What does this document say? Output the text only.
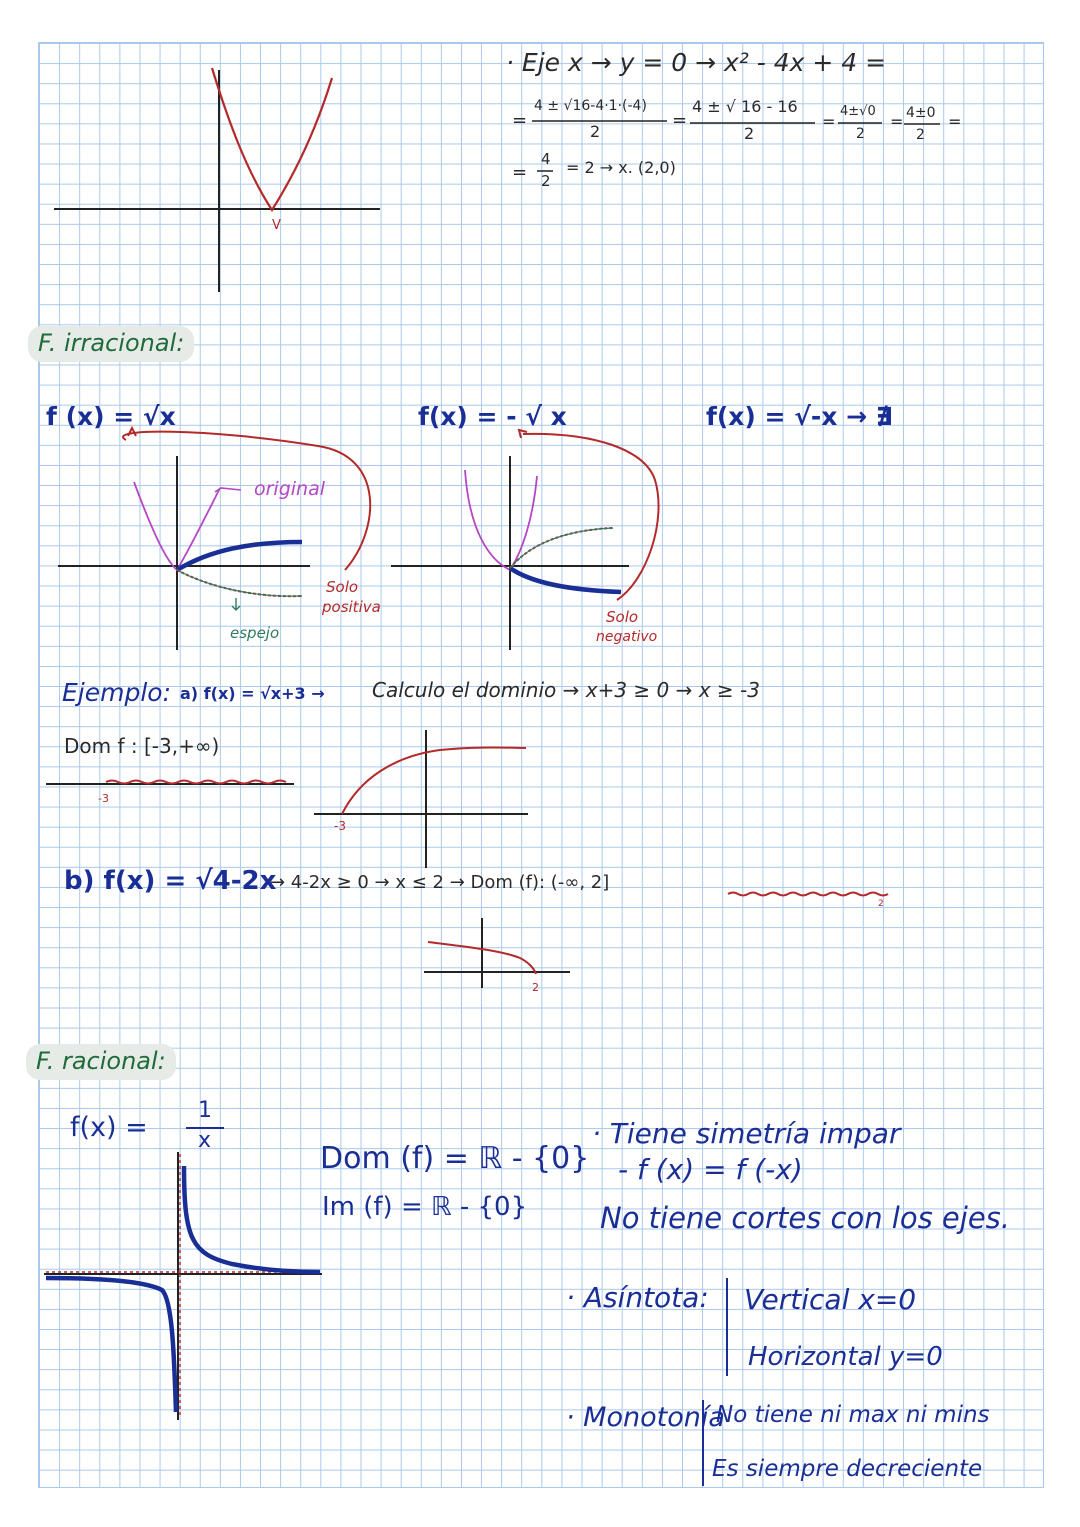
V
· Eje x → y = 0 → x² - 4x + 4 =
=
4 ± √16-4·1·(-4)
2
=
4 ± √ 16 - 16
2
=
4±√0
2
= 4±0
2
=
=
4
2
= 2 → x. (2,0)
F. irracional:
f (x) = √x	f(x) = - √ x	f(x) = √-x → ∄
original
espejo
Solo
positiva
Solo
negativo
Ejemplo: a) f(x) = √x+3 → Calculo el dominio → x+3 ≥ 0 → x ≥ -3
Dom f : [-3,+∞)
-3
-3
b) f(x) = √4-2x
→ 4-2x ≥ 0 → x ≤ 2 → Dom (f): (-∞, 2]
2
2
F. racional:
f(x) =
1
x
Dom (f) = ℝ - {0}
Im (f) = ℝ - {0}
· Tiene simetría impar
- f (x) = f (-x)
No tiene cortes con los ejes.
· Asíntota: Vertical x=0
Horizontal y=0
· Monotonía
No tiene ni max ni mins
Es siempre decreciente
